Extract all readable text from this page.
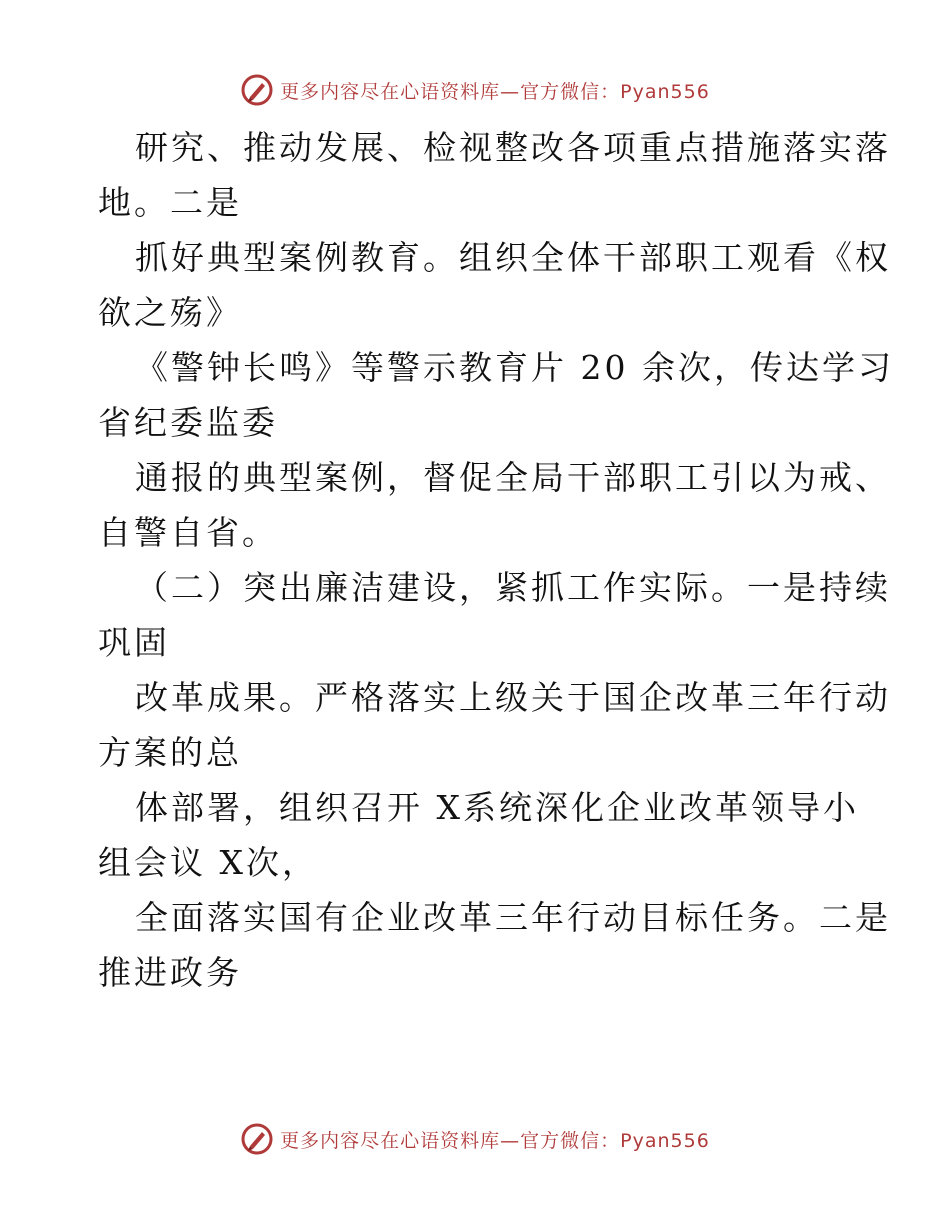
更多内容尽在心语资料库—官方微信：Pyan556

研究、推动发展、检视整改各项重点措施落实落
地。二是

抓好典型案例教育。组织全体干部职工观看《权
欲之殇》

《警钟长鸣》等警示教育片 20 余次，传达学习
省纪委监委

通报的典型案例，督促全局干部职工引以为戒、
自警自省。

（二）突出廉洁建设，紧抓工作实际。一是持续
巩固

改革成果。严格落实上级关于国企改革三年行动
方案的总

体部署，组织召开 X系统深化企业改革领导小
组会议 X次，

全面落实国有企业改革三年行动目标任务。二是
推进政务

更多内容尽在心语资料库—官方微信：Pyan556
